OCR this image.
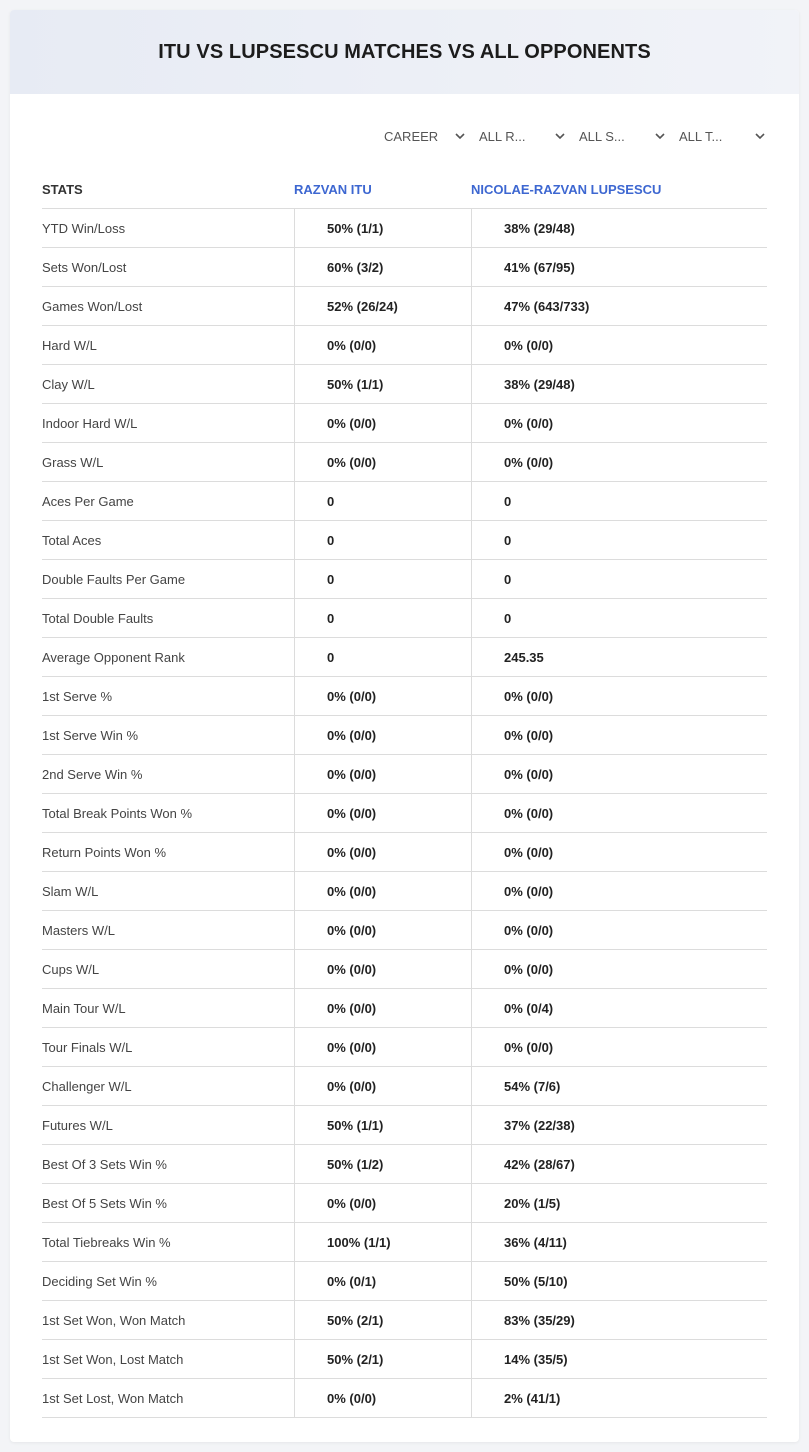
ITU VS LUPSESCU MATCHES VS ALL OPPONENTS
CAREER	ALL R...	ALL S...	ALL T...
STATS	RAZVAN ITU	NICOLAE-RAZVAN LUPSESCU
YTD Win/Loss	50% (1/1)	38% (29/48)
Sets Won/Lost	60% (3/2)	41% (67/95)
Games Won/Lost	52% (26/24)	47% (643/733)
Hard W/L	0% (0/0)	0% (0/0)
Clay W/L	50% (1/1)	38% (29/48)
Indoor Hard W/L	0% (0/0)	0% (0/0)
Grass W/L	0% (0/0)	0% (0/0)
Aces Per Game	0	0
Total Aces	0	0
Double Faults Per Game	0	0
Total Double Faults	0	0
Average Opponent Rank	0	245.35
1st Serve %	0% (0/0)	0% (0/0)
1st Serve Win %	0% (0/0)	0% (0/0)
2nd Serve Win %	0% (0/0)	0% (0/0)
Total Break Points Won %	0% (0/0)	0% (0/0)
Return Points Won %	0% (0/0)	0% (0/0)
Slam W/L	0% (0/0)	0% (0/0)
Masters W/L	0% (0/0)	0% (0/0)
Cups W/L	0% (0/0)	0% (0/0)
Main Tour W/L	0% (0/0)	0% (0/4)
Tour Finals W/L	0% (0/0)	0% (0/0)
Challenger W/L	0% (0/0)	54% (7/6)
Futures W/L	50% (1/1)	37% (22/38)
Best Of 3 Sets Win %	50% (1/2)	42% (28/67)
Best Of 5 Sets Win %	0% (0/0)	20% (1/5)
Total Tiebreaks Win %	100% (1/1)	36% (4/11)
Deciding Set Win %	0% (0/1)	50% (5/10)
1st Set Won, Won Match	50% (2/1)	83% (35/29)
1st Set Won, Lost Match	50% (2/1)	14% (35/5)
1st Set Lost, Won Match	0% (0/0)	2% (41/1)
